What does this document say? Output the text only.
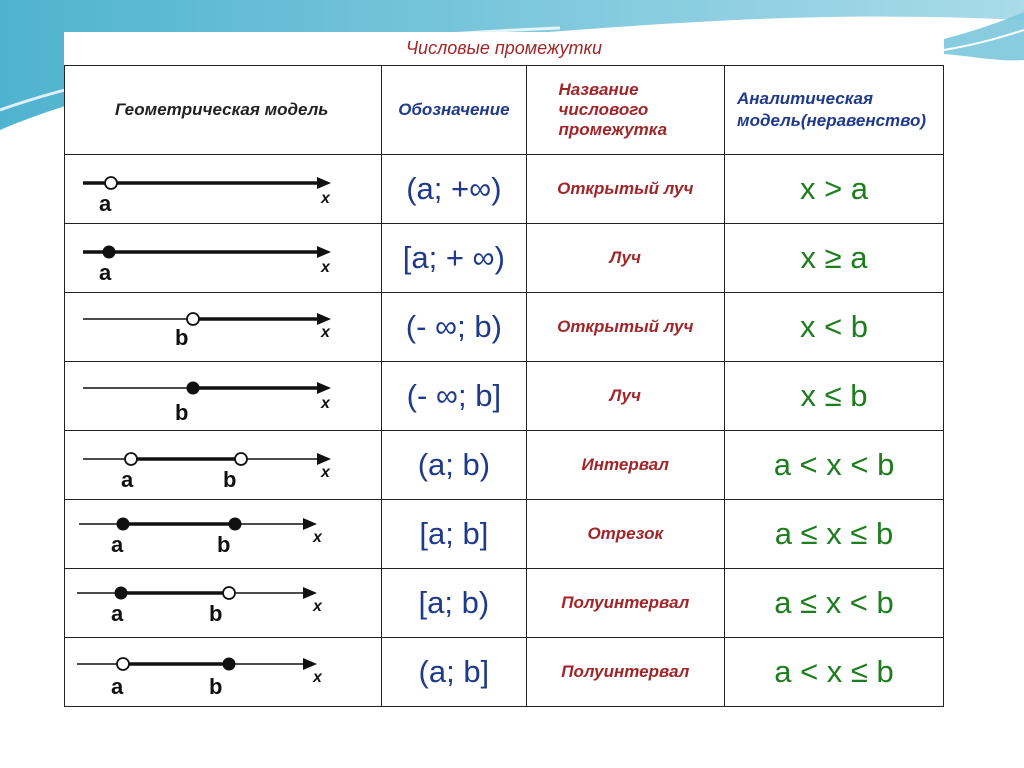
Числовые промежутки
Геометрическая модель	Обозначение	Название числового промежутка	Аналитическая модель(неравенство)

a x	(a; +∞)	Открытый луч	x > a

a x	[a; + ∞)	Луч	x ≥ a

b x	(- ∞; b)	Открытый луч	x < b

b x	(- ∞; b]	Луч	x ≤ b

a b x	(a; b)	Интервал	a < x < b

a b x	[a; b]	Отрезок	a ≤ x ≤ b

a b x	[a; b)	Полуинтервал	a ≤ x < b

a b x	(a; b]	Полуинтервал	a < x ≤ b
